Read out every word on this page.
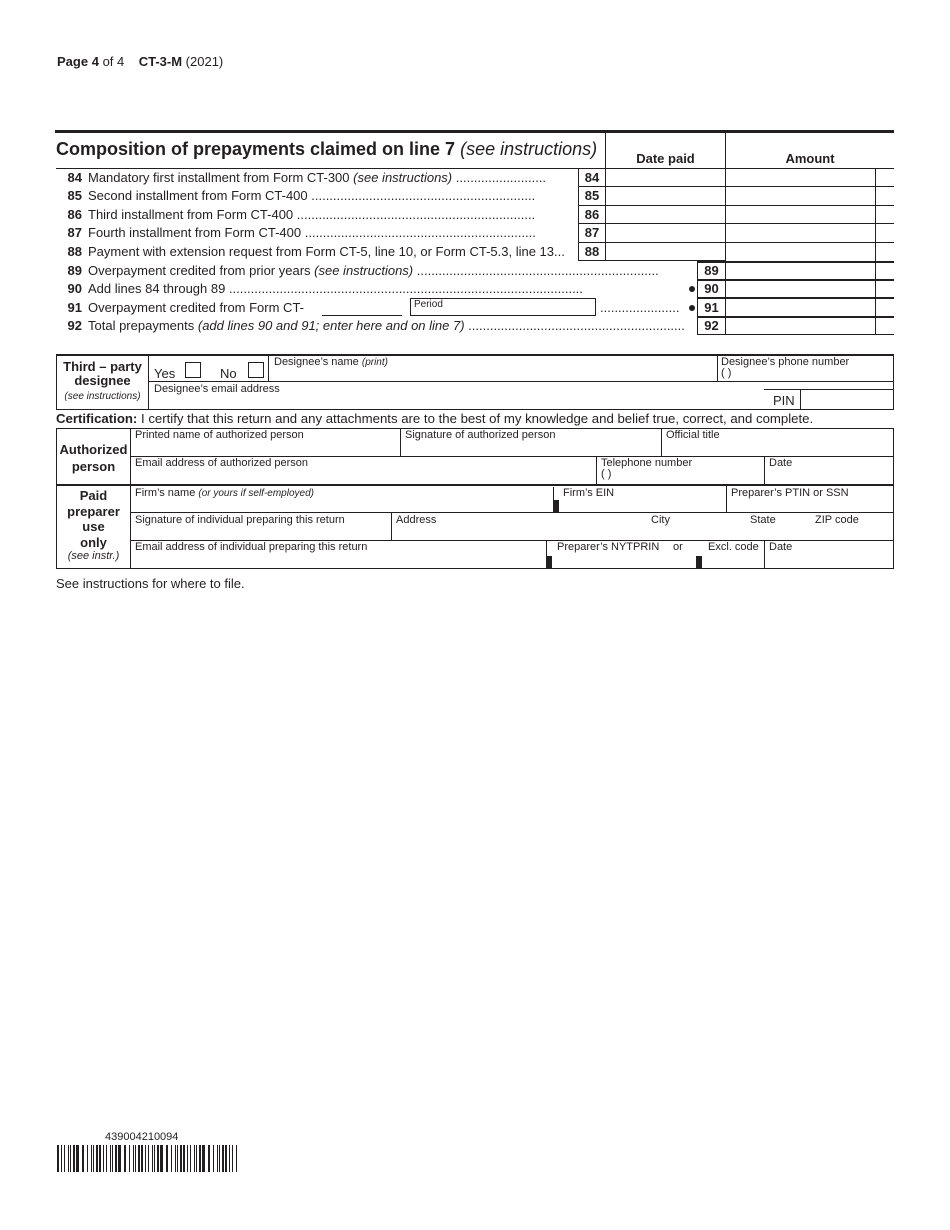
Page 4 of 4 CT-3-M (2021)
Composition of prepayments claimed on line 7 (see instructions)	Date paid	Amount
84 Mandatory first installment from Form CT-300 (see instructions) .........................	84
85 Second installment from Form CT-400 ..............................................................	85
86 Third installment from Form CT-400 ..................................................................	86
87 Fourth installment from Form CT-400 ................................................................	87
88 Payment with extension request from Form CT-5, line 10, or Form CT-5.3, line 13...	88
89 Overpayment credited from prior years (see instructions) ...................................................................	89
90 Add lines 84 through 89 ..................................................................................................	90
91 Overpayment credited from Form CT-	Period	......................	91
92 Total prepayments (add lines 90 and 91; enter here and on line 7) ............................................................	92
Third – party
designee
(see instructions)
Yes	No
Designee’s name (print)	Designee’s phone number
( )
Designee’s email address
PIN
Certification: I certify that this return and any attachments are to the best of my knowledge and belief true, correct, and complete.
Authorized
person
Printed name of authorized person	Signature of authorized person	Official title
Email address of authorized person	Telephone number
( )
Date
Paid
preparer
use
only
(see instr.)
Firm’s name (or yours if self-employed)	Firm’s EIN	Preparer’s PTIN or SSN
Signature of individual preparing this return	Address	City	State	ZIP code
Email address of individual preparing this return	Preparer’s NYTPRIN or Excl. code Date
See instructions for where to file.
439004210094
